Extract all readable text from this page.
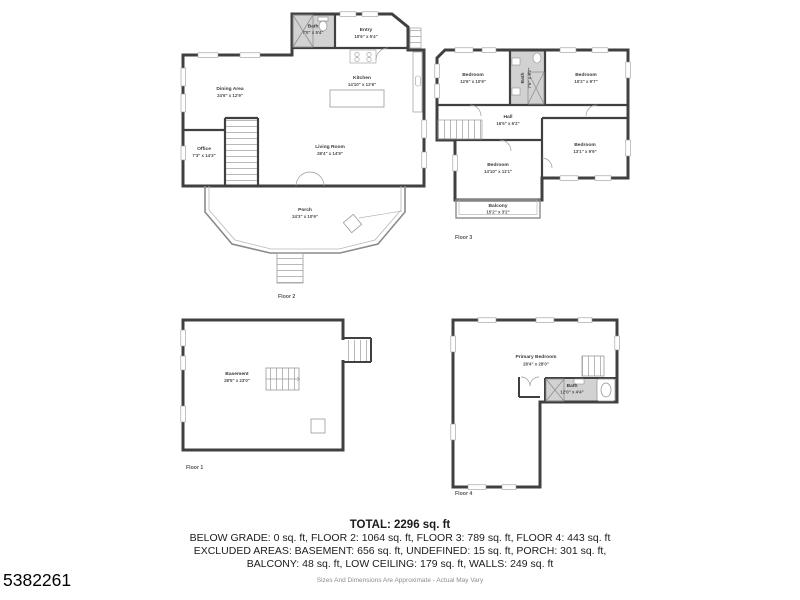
Bath
7'0" x 5'4"	Entry
10'6" x 5'4"
Kitchen
14'10" x 12'6"
Dining Area
24'6" x 12'9"
Office
7'3" x 14'3"
Living Room
28'4" x 14'9"
Porch
24'3" x 10'9"
Floor 2
Bedroom
12'6" x 10'9"	Bath 7'6" x 9'7"	Bedroom
10'2" x 9'7"
Hall
16'5" x 6'2"
Bedroom
14'10" x 11'1"
Bedroom
13'1" x 9'9"
Balcony
15'2" x 3'2"
Floor 3
Basement
28'5" x 23'0"
Floor 1
Primary Bedroom
28'4" x 28'0"
Bath
12'0" x 4'4"
Floor 4
TOTAL: 2296 sq. ft
BELOW GRADE: 0 sq. ft, FLOOR 2: 1064 sq. ft, FLOOR 3: 789 sq. ft, FLOOR 4: 443 sq. ft
EXCLUDED AREAS: BASEMENT: 656 sq. ft, UNDEFINED: 15 sq. ft, PORCH: 301 sq. ft,
BALCONY: 48 sq. ft, LOW CEILING: 179 sq. ft, WALLS: 249 sq. ft
Sizes And Dimensions Are Approximate - Actual May Vary
5382261
